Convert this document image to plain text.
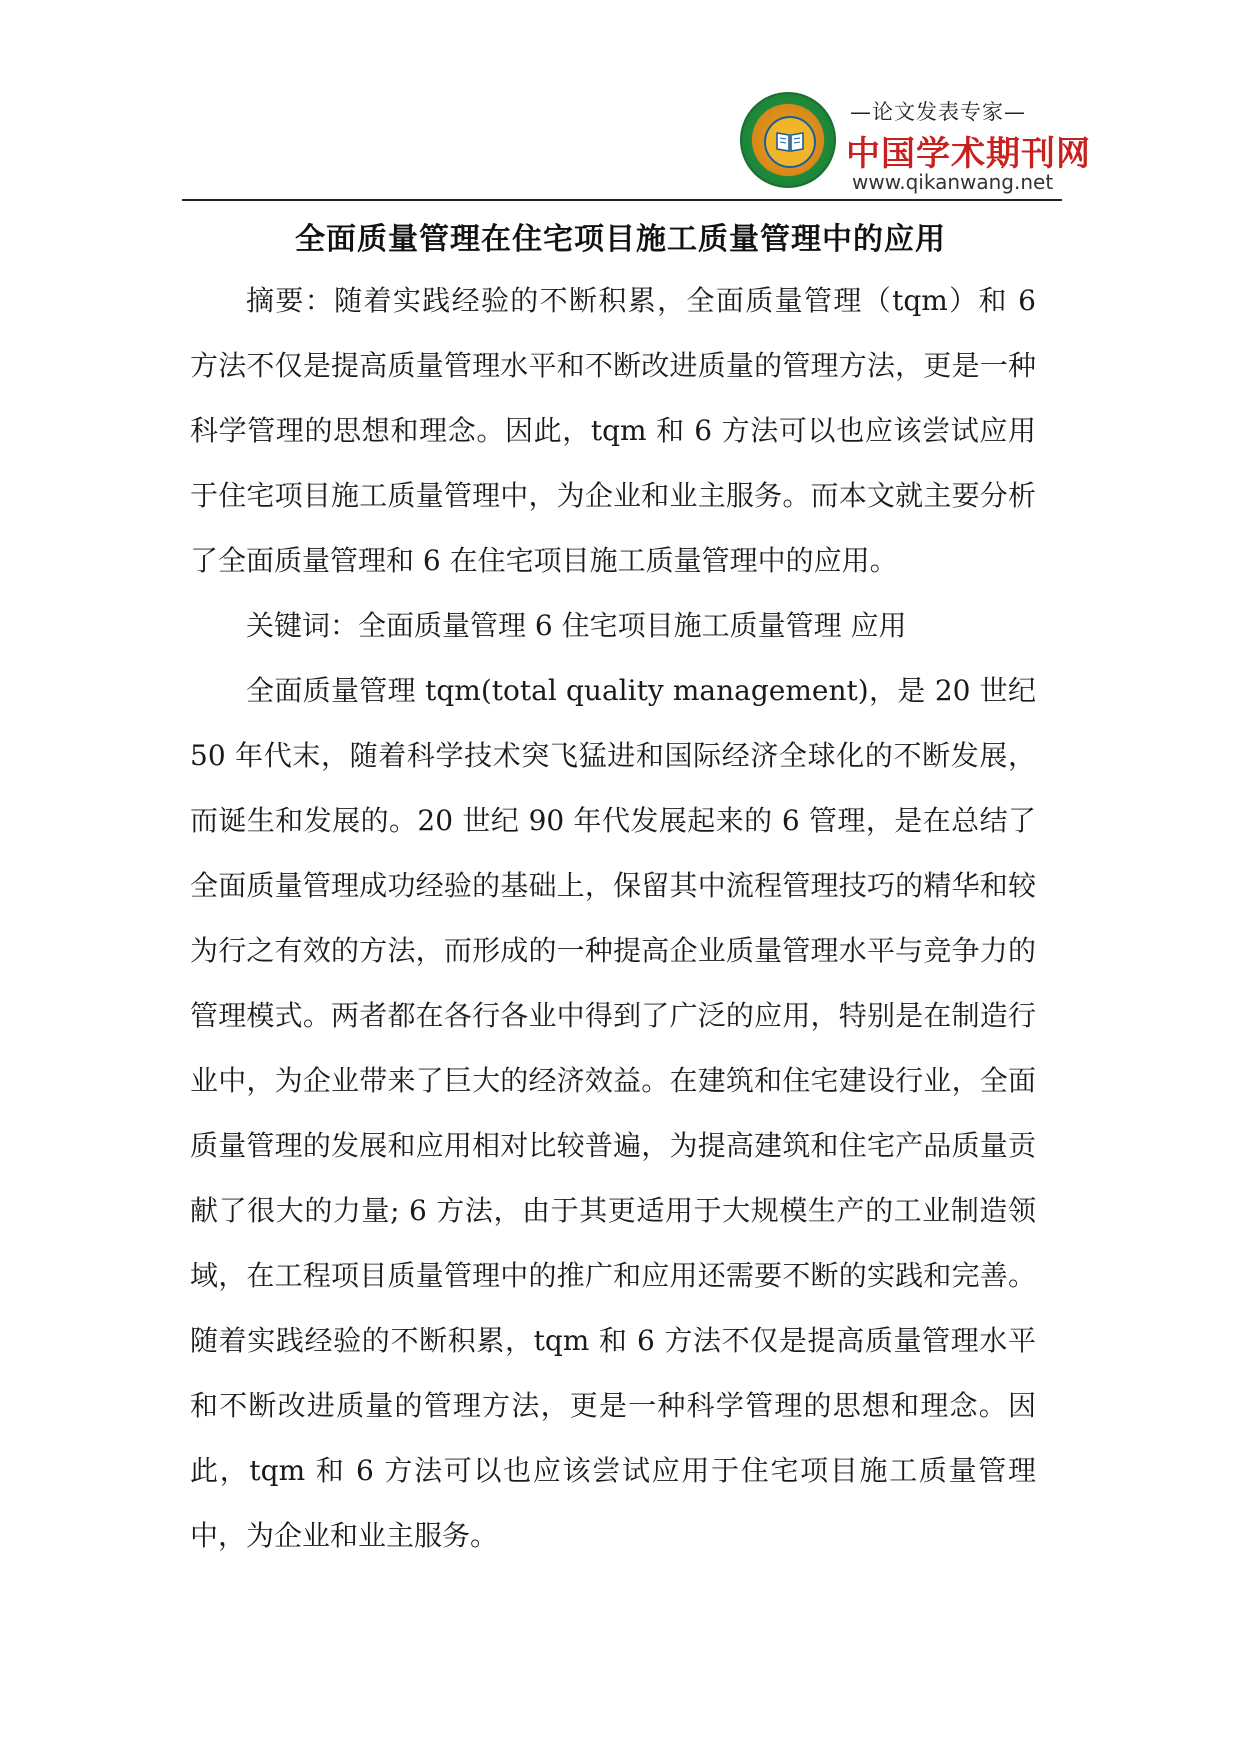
—论文发表专家—
中国学术期刊网
www.qikanwang.net
全面质量管理在住宅项目施工质量管理中的应用

摘要：随着实践经验的不断积累，全面质量管理（tqm）和 6 方法不仅是提高质量管理水平和不断改进质量的管理方法，更是一种科学管理的思想和理念。因此，tqm 和 6 方法可以也应该尝试应用于住宅项目施工质量管理中，为企业和业主服务。而本文就主要分析了全面质量管理和 6 在住宅项目施工质量管理中的应用。

关键词：全面质量管理 6 住宅项目施工质量管理 应用

全面质量管理 tqm(total quality management)，是 20 世纪 50 年代末，随着科学技术突飞猛进和国际经济全球化的不断发展，而诞生和发展的。20 世纪 90 年代发展起来的 6 管理，是在总结了全面质量管理成功经验的基础上，保留其中流程管理技巧的精华和较为行之有效的方法，而形成的一种提高企业质量管理水平与竞争力的管理模式。两者都在各行各业中得到了广泛的应用，特别是在制造行业中，为企业带来了巨大的经济效益。在建筑和住宅建设行业，全面质量管理的发展和应用相对比较普遍，为提高建筑和住宅产品质量贡献了很大的力量; 6 方法，由于其更适用于大规模生产的工业制造领域，在工程项目质量管理中的推广和应用还需要不断的实践和完善。随着实践经验的不断积累，tqm 和 6 方法不仅是提高质量管理水平和不断改进质量的管理方法，更是一种科学管理的思想和理念。因此，tqm 和 6 方法可以也应该尝试应用于住宅项目施工质量管理中，为企业和业主服务。
